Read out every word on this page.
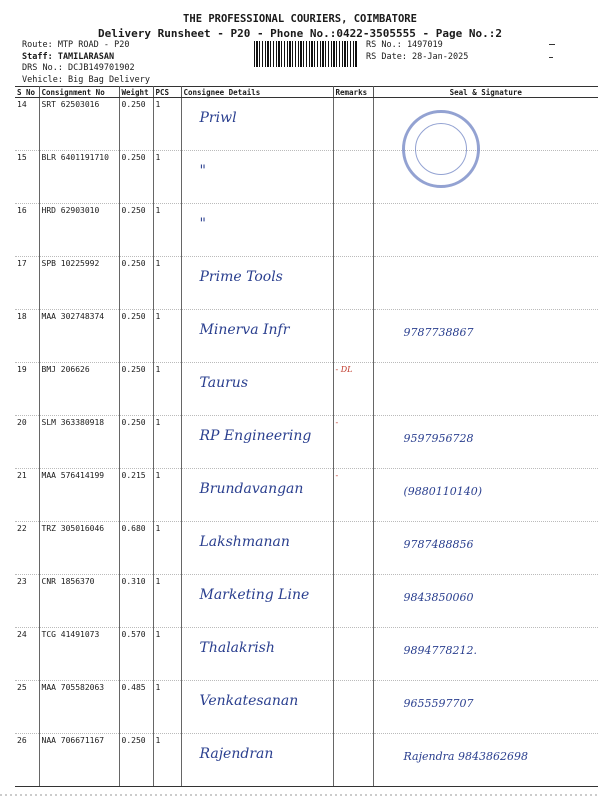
THE PROFESSIONAL COURIERS, COIMBATORE
Delivery Runsheet - P20 - Phone No.:0422-3505555 - Page No.:2
Route: MTP ROAD - P20
Staff: TAMILARASAN
DRS No.: DCJB149701902
Vehicle: Big Bag Delivery
RS No.: 1497019
RS Date: 28-Jan-2025
S No	Consignment No	Weight	PCS	Consignee Details	Remarks	Seal & Signature
14	SRT 62503016	0.250	1	Priwl		
15	BLR 6401191710	0.250	1	"		
16	HRD 62903010	0.250	1	"		
17	SPB 10225992	0.250	1	Prime Tools		
18	MAA 302748374	0.250	1	Minerva Infr		9787738867
19	BMJ 206626	0.250	1	Taurus	- DL	
20	SLM 363380918	0.250	1	RP Engineering	-	9597956728
21	MAA 576414199	0.215	1	Brundavangan	-	(9880110140)
22	TRZ 305016046	0.680	1	Lakshmanan		9787488856
23	CNR 1856370	0.310	1	Marketing Line		9843850060
24	TCG 41491073	0.570	1	Thalakrish		9894778212.
25	MAA 705582063	0.485	1	Venkatesanan		9655597707
26	NAA 706671167	0.250	1	Rajendran		Rajendra 9843862698
